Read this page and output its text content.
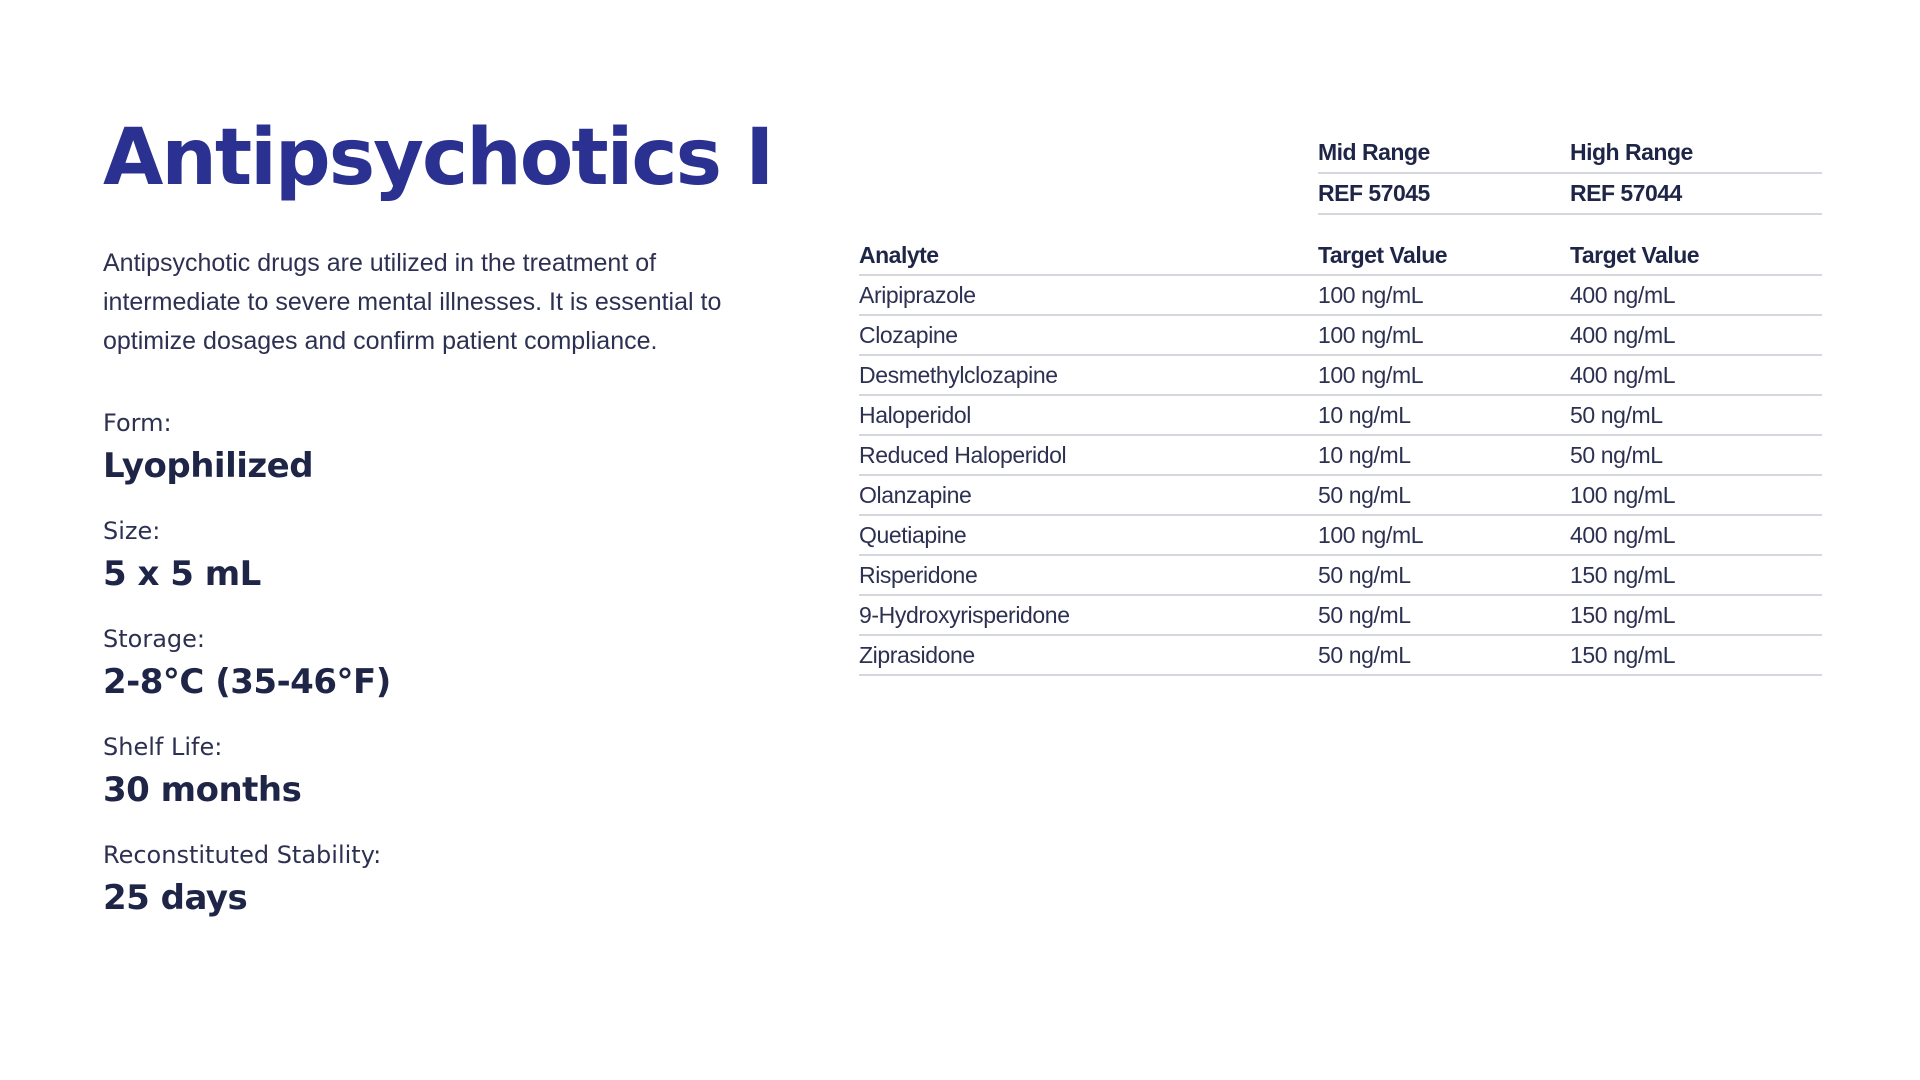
Antipsychotics I

Antipsychotic drugs are utilized in the treatment of intermediate to severe mental illnesses. It is essential to optimize dosages and confirm patient compliance.

Form:
Lyophilized
Size:
5 x 5 mL
Storage:
2-8°C (35-46°F)
Shelf Life:
30 months
Reconstituted Stability:
25 days
Mid Range	High Range
REF 57045	REF 57044
Analyte	Target Value	Target Value
Aripiprazole	100 ng/mL	400 ng/mL
Clozapine	100 ng/mL	400 ng/mL
Desmethylclozapine	100 ng/mL	400 ng/mL
Haloperidol	10 ng/mL	50 ng/mL
Reduced Haloperidol	10 ng/mL	50 ng/mL
Olanzapine	50 ng/mL	100 ng/mL
Quetiapine	100 ng/mL	400 ng/mL
Risperidone	50 ng/mL	150 ng/mL
9-Hydroxyrisperidone	50 ng/mL	150 ng/mL
Ziprasidone	50 ng/mL	150 ng/mL
